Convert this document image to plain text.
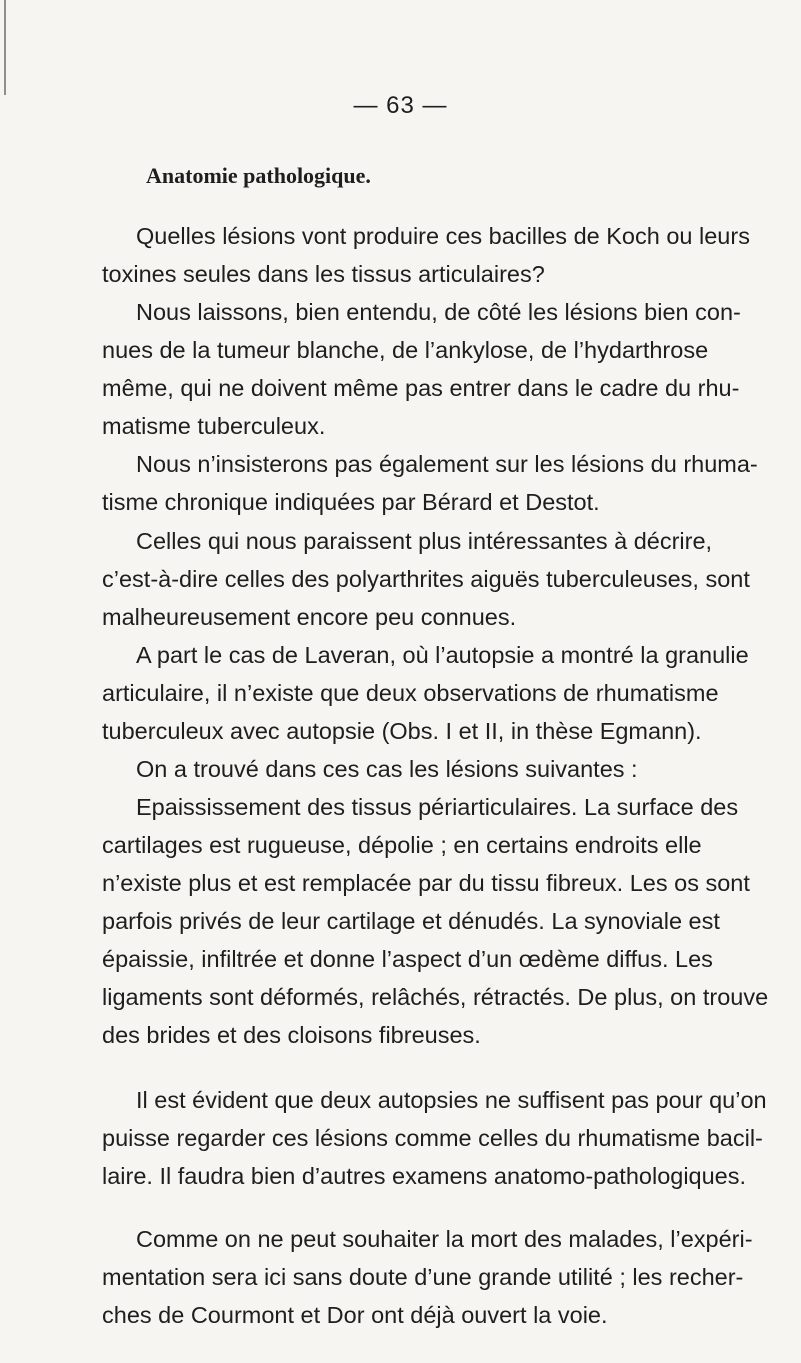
— 63 —
Anatomie pathologique.
Quelles lésions vont produire ces bacilles de Koch ou leurs
toxines seules dans les tissus articulaires?
Nous laissons, bien entendu, de côté les lésions bien con-
nues de la tumeur blanche, de l’ankylose, de l’hydarthrose
même, qui ne doivent même pas entrer dans le cadre du rhu-
matisme tuberculeux.
Nous n’insisterons pas également sur les lésions du rhuma-
tisme chronique indiquées par Bérard et Destot.
Celles qui nous paraissent plus intéressantes à décrire,
c’est-à-dire celles des polyarthrites aiguës tuberculeuses, sont
malheureusement encore peu connues.
A part le cas de Laveran, où l’autopsie a montré la granulie
articulaire, il n’existe que deux observations de rhumatisme
tuberculeux avec autopsie (Obs. I et II, in thèse Egmann).
On a trouvé dans ces cas les lésions suivantes :
Epaississement des tissus périarticulaires. La surface des
cartilages est rugueuse, dépolie ; en certains endroits elle
n’existe plus et est remplacée par du tissu fibreux. Les os sont
parfois privés de leur cartilage et dénudés. La synoviale est
épaissie, infiltrée et donne l’aspect d’un œdème diffus. Les
ligaments sont déformés, relâchés, rétractés. De plus, on trouve
des brides et des cloisons fibreuses.
Il est évident que deux autopsies ne suffisent pas pour qu’on
puisse regarder ces lésions comme celles du rhumatisme bacil-
laire. Il faudra bien d’autres examens anatomo-pathologiques.
Comme on ne peut souhaiter la mort des malades, l’expéri-
mentation sera ici sans doute d’une grande utilité ; les recher-
ches de Courmont et Dor ont déjà ouvert la voie.
